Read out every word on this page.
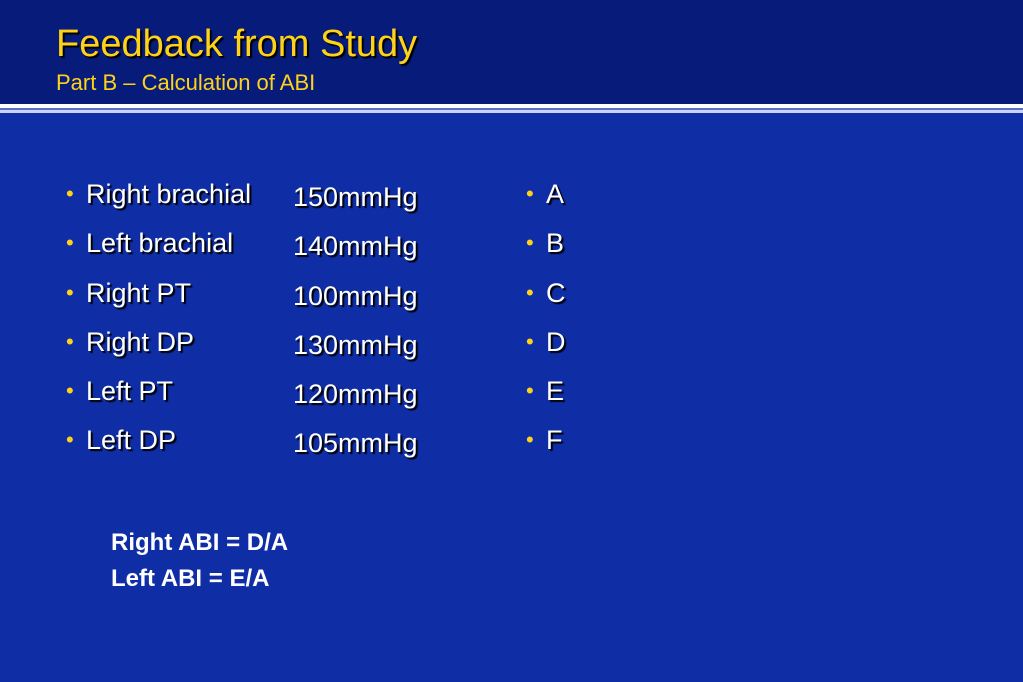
Feedback from Study
Part B – Calculation of ABI
• Right brachial
• Left brachial
• Right PT
• Right DP
• Left PT
• Left DP
150mmHg
140mmHg
100mmHg
130mmHg
120mmHg
105mmHg
• A
• B
• C
• D
• E
• F
Right ABI = D/A
Left ABI = E/A
